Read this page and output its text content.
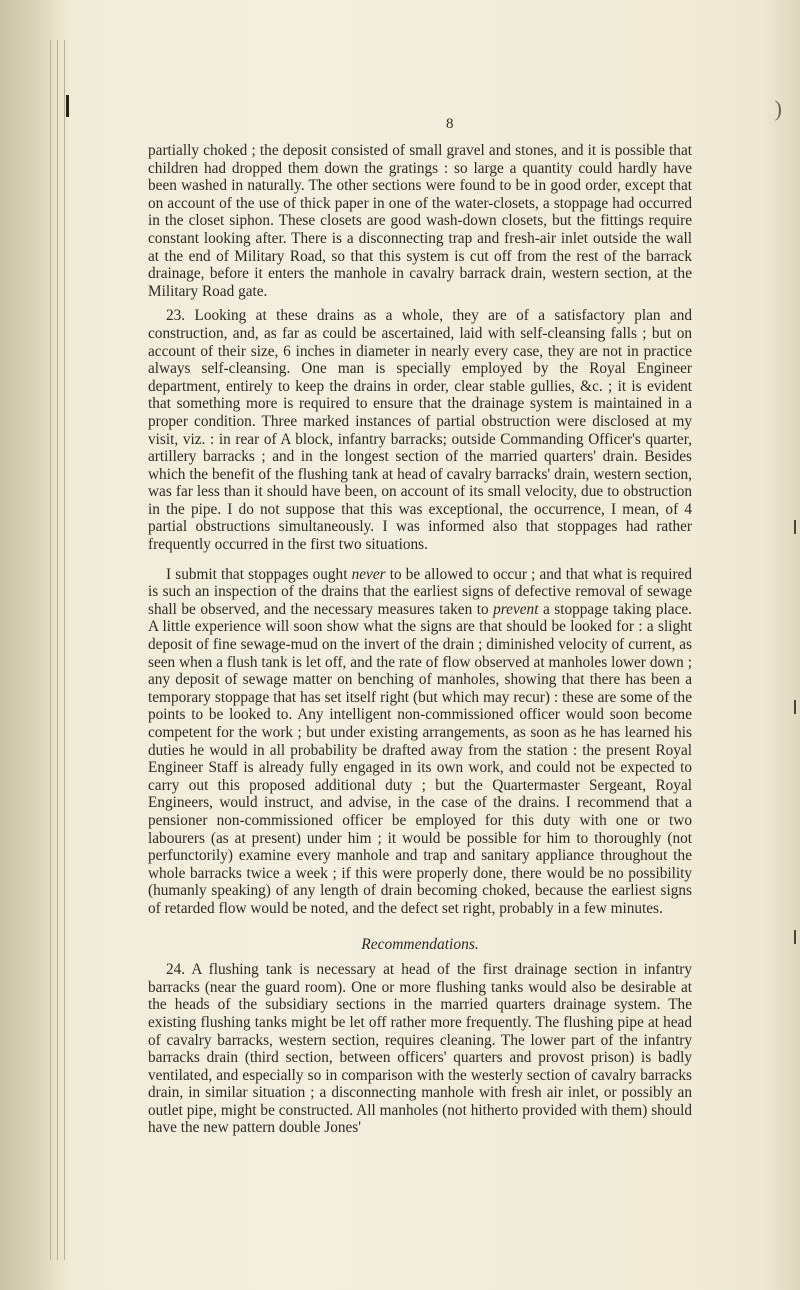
)
8

partially choked ; the deposit consisted of small gravel and stones, and it is possible that children had dropped them down the gratings : so large a quantity could hardly have been washed in naturally. The other sections were found to be in good order, except that on account of the use of thick paper in one of the water-closets, a stoppage had occurred in the closet siphon. These closets are good wash-down closets, but the fittings require constant looking after. There is a disconnecting trap and fresh-air inlet outside the wall at the end of Military Road, so that this system is cut off from the rest of the barrack drainage, before it enters the manhole in cavalry barrack drain, western section, at the Military Road gate.

23. Looking at these drains as a whole, they are of a satisfactory plan and construction, and, as far as could be ascertained, laid with self-cleansing falls ; but on account of their size, 6 inches in diameter in nearly every case, they are not in practice always self-cleansing. One man is specially employed by the Royal Engineer department, entirely to keep the drains in order, clear stable gullies, &c. ; it is evident that something more is required to ensure that the drainage system is maintained in a proper condition. Three marked instances of partial obstruction were disclosed at my visit, viz. : in rear of A block, infantry barracks; outside Commanding Officer's quarter, artillery barracks ; and in the longest section of the married quarters' drain. Besides which the benefit of the flushing tank at head of cavalry barracks' drain, western section, was far less than it should have been, on account of its small velocity, due to obstruction in the pipe. I do not suppose that this was exceptional, the occurrence, I mean, of 4 partial obstructions simultaneously. I was informed also that stoppages had rather frequently occurred in the first two situations.

I submit that stoppages ought never to be allowed to occur ; and that what is required is such an inspection of the drains that the earliest signs of defective removal of sewage shall be observed, and the necessary measures taken to prevent a stoppage taking place. A little experience will soon show what the signs are that should be looked for : a slight deposit of fine sewage-mud on the invert of the drain ; diminished velocity of current, as seen when a flush tank is let off, and the rate of flow observed at manholes lower down ; any deposit of sewage matter on benching of manholes, showing that there has been a temporary stoppage that has set itself right (but which may recur) : these are some of the points to be looked to. Any intelligent non-commissioned officer would soon become competent for the work ; but under existing arrangements, as soon as he has learned his duties he would in all probability be drafted away from the station : the present Royal Engineer Staff is already fully engaged in its own work, and could not be expected to carry out this proposed additional duty ; but the Quartermaster Sergeant, Royal Engineers, would instruct, and advise, in the case of the drains. I recommend that a pensioner non-commissioned officer be employed for this duty with one or two labourers (as at present) under him ; it would be possible for him to thoroughly (not perfunctorily) examine every manhole and trap and sanitary appliance throughout the whole barracks twice a week ; if this were properly done, there would be no possibility (humanly speaking) of any length of drain becoming choked, because the earliest signs of retarded flow would be noted, and the defect set right, probably in a few minutes.

Recommendations.

24. A flushing tank is necessary at head of the first drainage section in infantry barracks (near the guard room). One or more flushing tanks would also be desirable at the heads of the subsidiary sections in the married quarters drainage system. The existing flushing tanks might be let off rather more frequently. The flushing pipe at head of cavalry barracks, western section, requires cleaning. The lower part of the infantry barracks drain (third section, between officers' quarters and provost prison) is badly ventilated, and especially so in comparison with the westerly section of cavalry barracks drain, in similar situation ; a disconnecting manhole with fresh air inlet, or possibly an outlet pipe, might be constructed. All manholes (not hitherto provided with them) should have the new pattern double Jones'
